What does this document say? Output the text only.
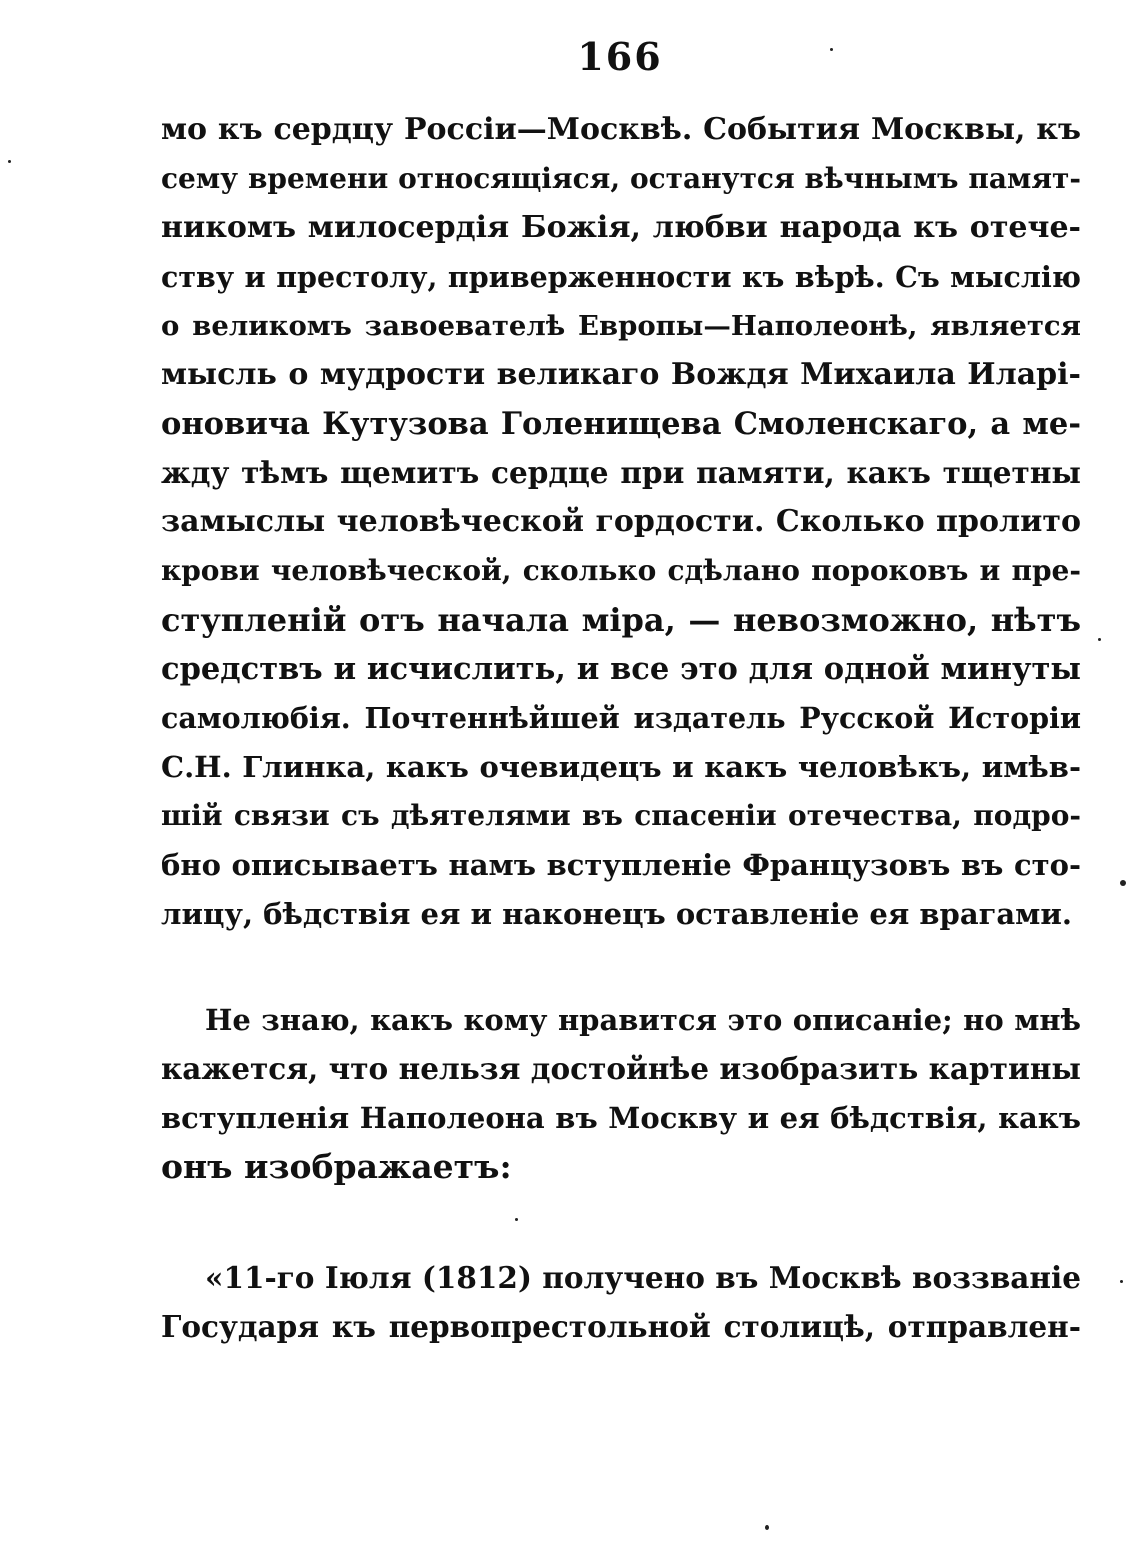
166
мо къ сердцу Россіи—Москвѣ. События Москвы, къ
сему времени относящіяся, останутся вѣчнымъ памят-
никомъ милосердія Божія, любви народа къ отече-
ству и престолу, приверженности къ вѣрѣ. Съ мыслію
о великомъ завоевателѣ Европы—Наполеонѣ, является
мысль о мудрости великаго Вождя Михаила Иларі-
оновича Кутузова Голенищева Смоленскаго, а ме-
жду тѣмъ щемитъ сердце при памяти, какъ тщетны
замыслы человѣческой гордости. Сколько пролито
крови человѣческой, сколько сдѣлано пороковъ и пре-
ступленій отъ начала міра, — невозможно, нѣтъ
средствъ и исчислить, и все это для одной минуты
самолюбія. Почтеннѣйшей издатель Русской Исторіи
С.Н. Глинка, какъ очевидецъ и какъ человѣкъ, имѣв-
шій связи съ дѣятелями въ спасеніи отечества, подро-
бно описываетъ намъ вступленіе Французовъ въ сто-
лицу, бѣдствія ея и наконецъ оставленіе ея врагами.
Не знаю, какъ кому нравится это описаніе; но мнѣ
кажется, что нельзя достойнѣе изобразить картины
вступленія Наполеона въ Москву и ея бѣдствія, какъ
онъ изображаетъ:
«11-го Іюля (1812) получено въ Москвѣ воззваніе
Государя къ первопрестольной столицѣ, отправлен-
